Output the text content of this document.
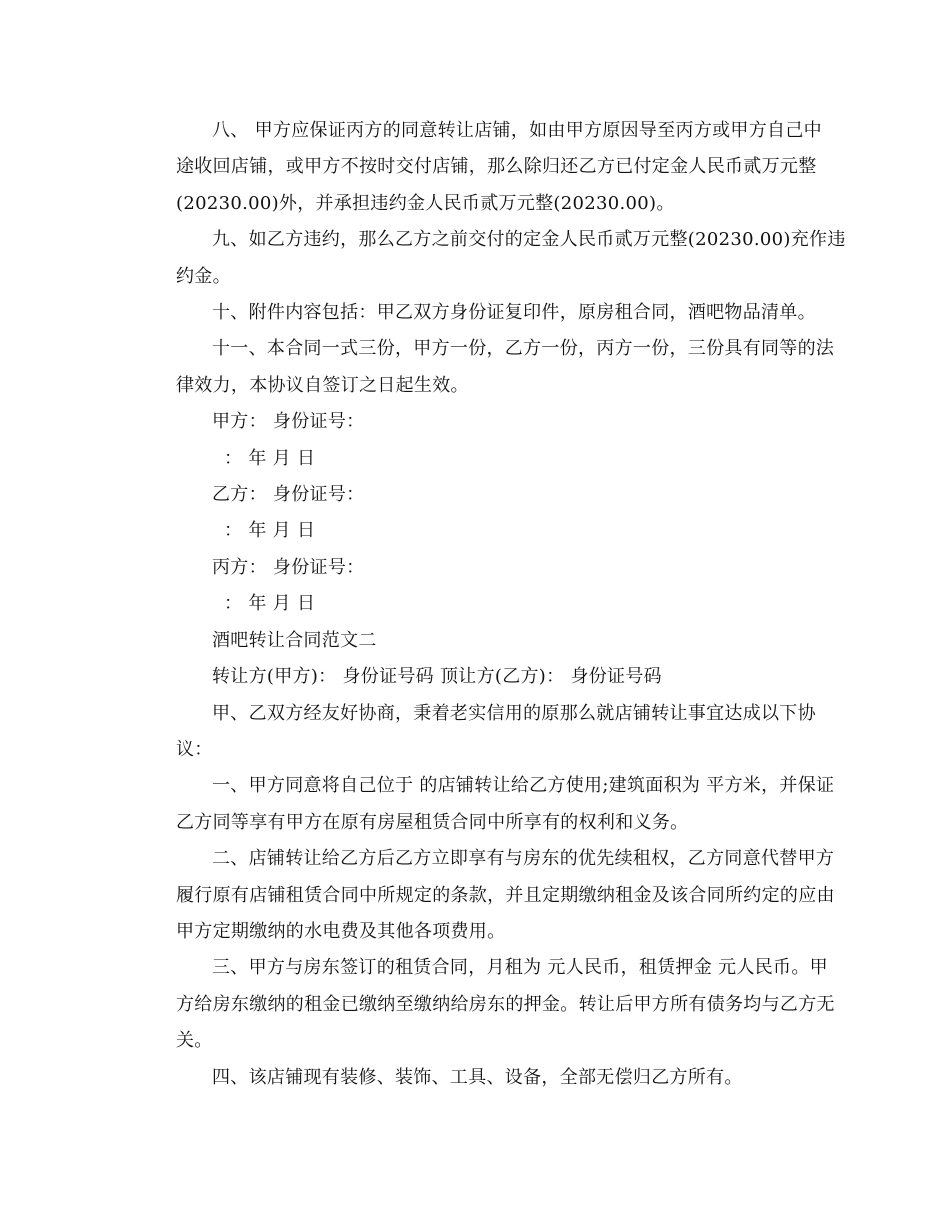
八、 甲方应保证丙方的同意转让店铺，如由甲方原因导至丙方或甲方自己中
途收回店铺，或甲方不按时交付店铺，那么除归还乙方已付定金人民币贰万元整
(20230.00)外，并承担违约金人民币贰万元整(20230.00)。
九、如乙方违约，那么乙方之前交付的定金人民币贰万元整(20230.00)充作违
约金。
十、附件内容包括：甲乙双方身份证复印件，原房租合同，酒吧物品清单。
十一、本合同一式三份，甲方一份，乙方一份，丙方一份，三份具有同等的法
律效力，本协议自签订之日起生效。
甲方： 身份证号：
： 年 月 日
乙方： 身份证号：
： 年 月 日
丙方： 身份证号：
： 年 月 日
酒吧转让合同范文二
转让方(甲方)： 身份证号码 顶让方(乙方)： 身份证号码
甲、乙双方经友好协商，秉着老实信用的原那么就店铺转让事宜达成以下协
议：
一、甲方同意将自己位于 的店铺转让给乙方使用;建筑面积为 平方米，并保证
乙方同等享有甲方在原有房屋租赁合同中所享有的权利和义务。
二、店铺转让给乙方后乙方立即享有与房东的优先续租权，乙方同意代替甲方
履行原有店铺租赁合同中所规定的条款，并且定期缴纳租金及该合同所约定的应由
甲方定期缴纳的水电费及其他各项费用。
三、甲方与房东签订的租赁合同，月租为 元人民币，租赁押金 元人民币。甲
方给房东缴纳的租金已缴纳至缴纳给房东的押金。转让后甲方所有债务均与乙方无
关。
四、该店铺现有装修、装饰、工具、设备，全部无偿归乙方所有。
